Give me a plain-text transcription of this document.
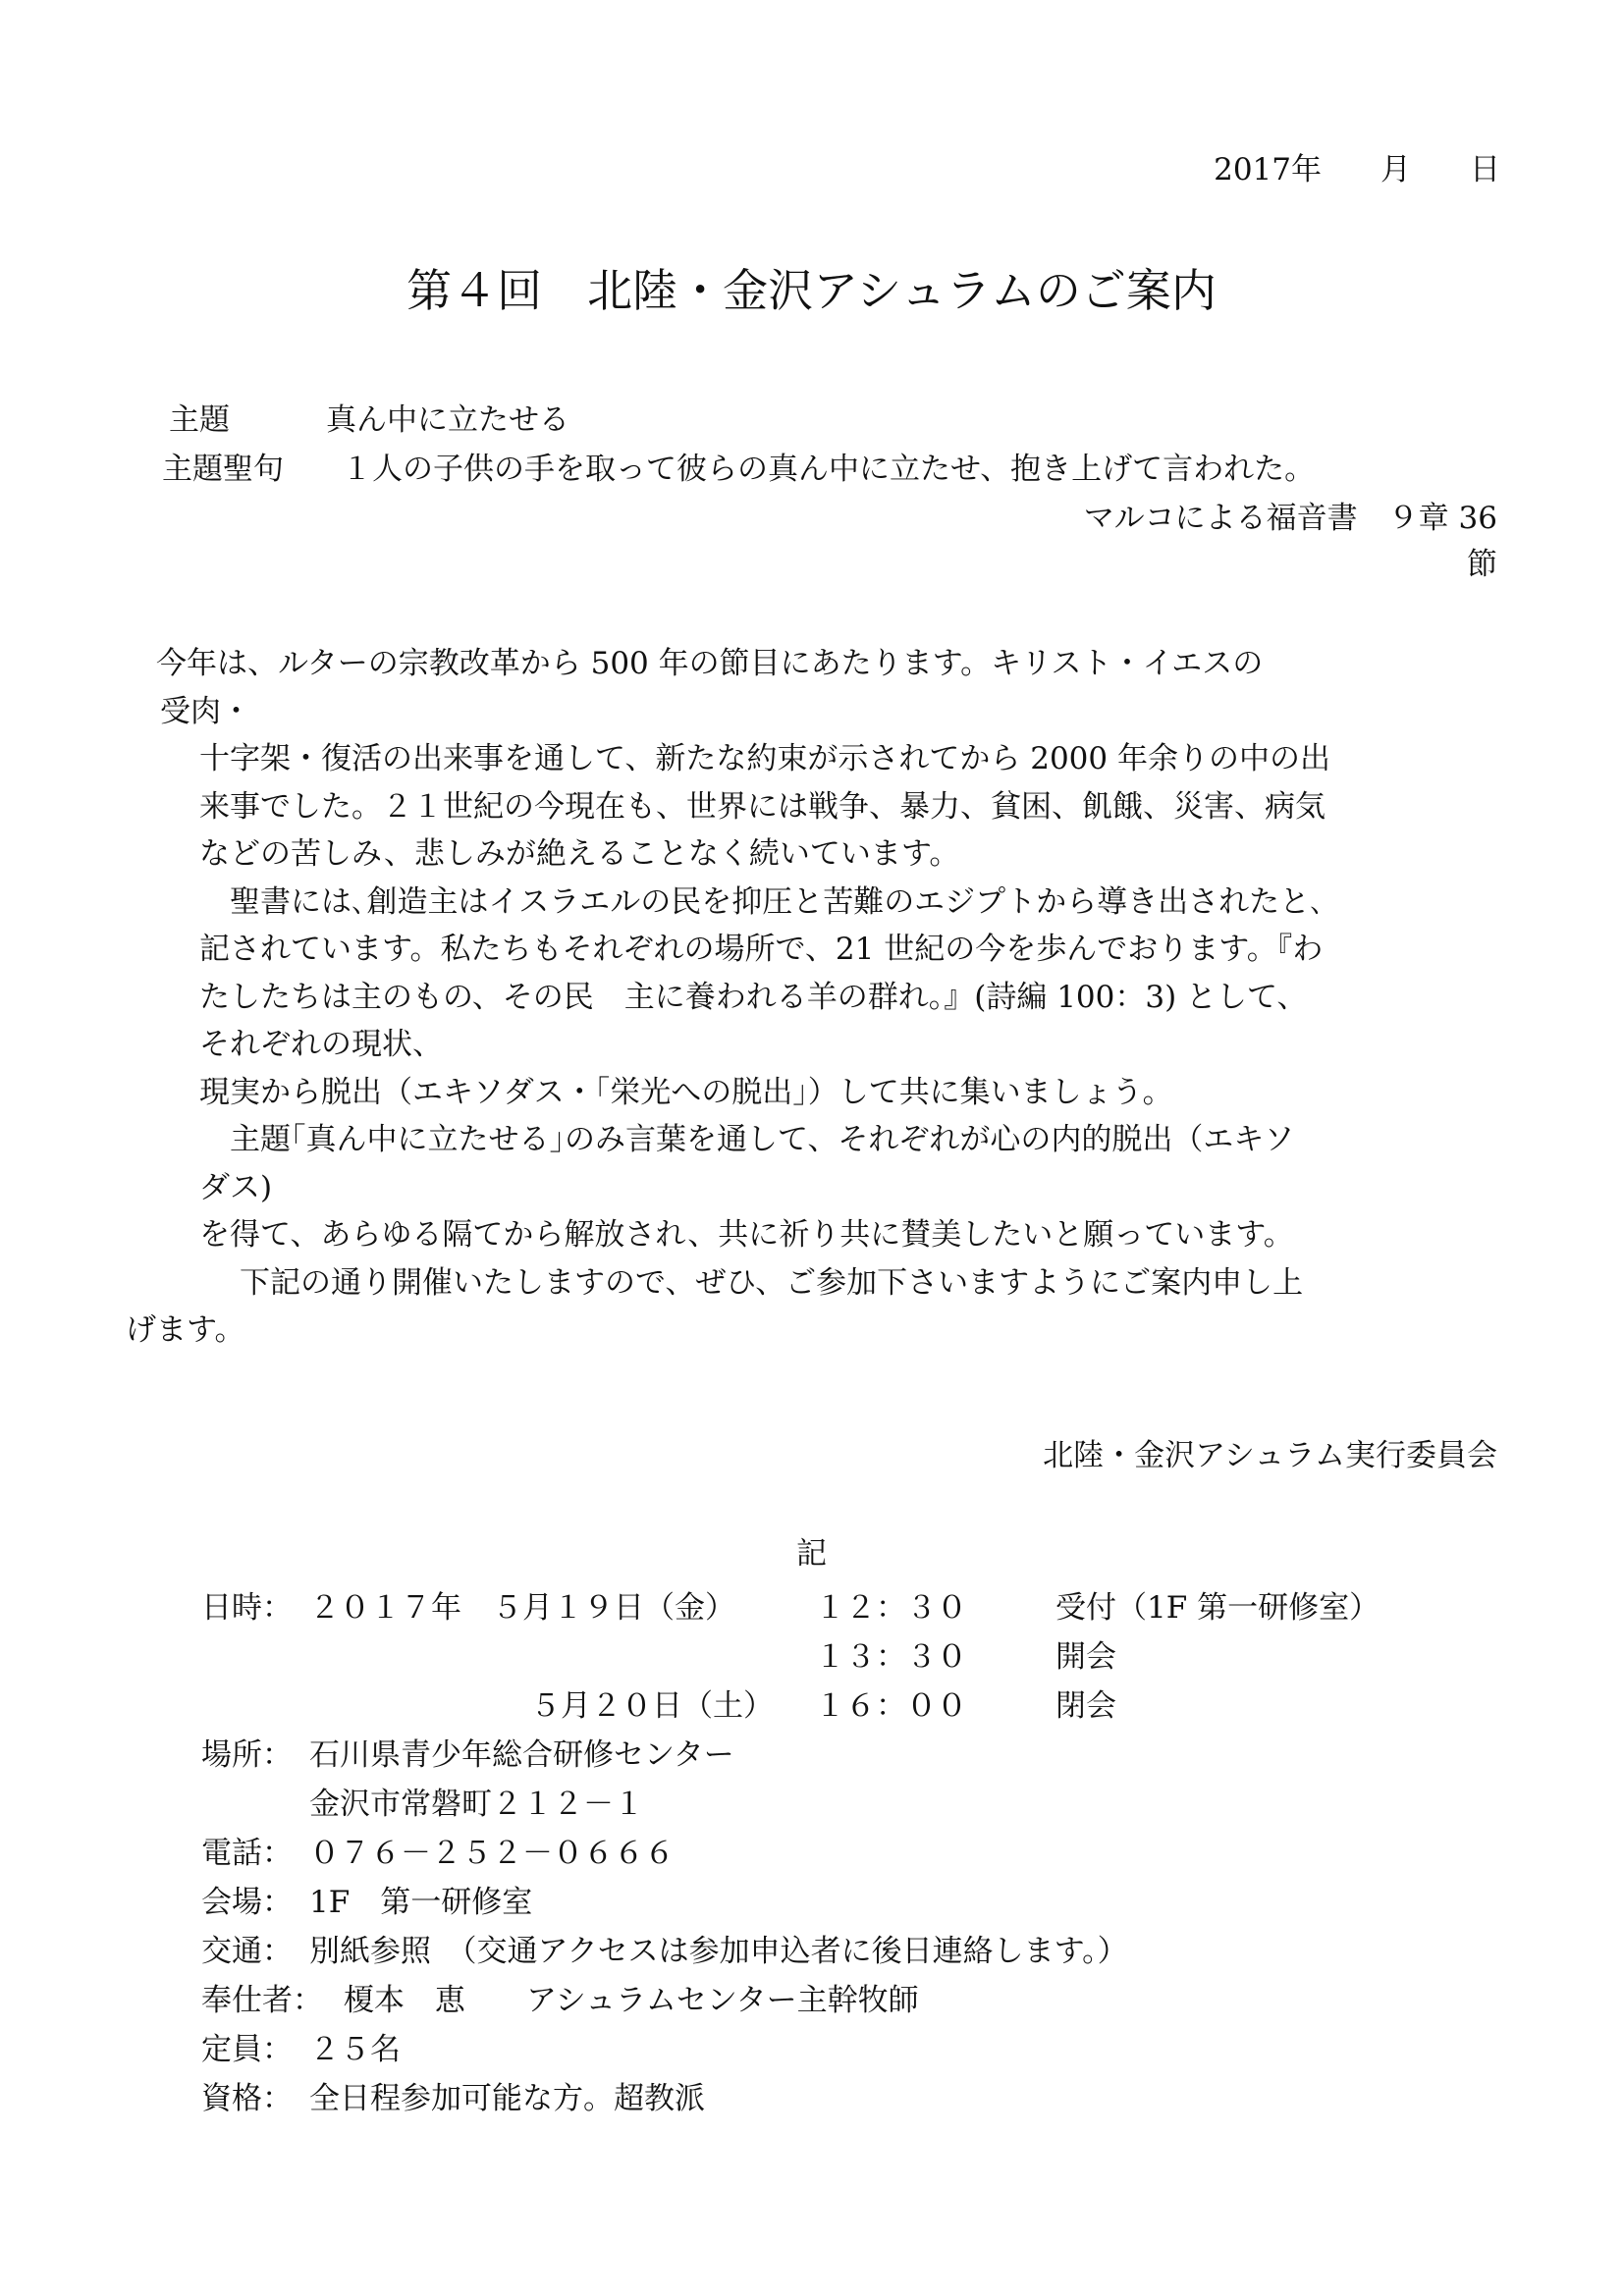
2017年 月 日
第４回　北陸・金沢アシュラムのご案内
主題	真ん中に立たせる
主題聖句 １人の子供の手を取って彼らの真ん中に立たせ、抱き上げて言われた。
マルコによる福音書　９章 36
節
　今年は、ルターの宗教改革から 500 年の節目にあたります。キリスト・イエスの
受肉・
十字架・復活の出来事を通して、新たな約束が示されてから 2000 年余りの中の出
来事でした。２１世紀の今現在も、世界には戦争、暴力、貧困、飢餓、災害、病気
などの苦しみ、悲しみが絶えることなく続いています。
　聖書には､創造主はイスラエルの民を抑圧と苦難のエジプトから導き出されたと､
記されています。私たちもそれぞれの場所で、21 世紀の今を歩んでおります。『わ
たしたちは主のもの、その民　主に養われる羊の群れ｡』(詩編 100：3) として、
それぞれの現状、
現実から脱出（エキソダス・｢栄光への脱出｣）して共に集いましょう。
　主題｢真ん中に立たせる｣のみ言葉を通して、それぞれが心の内的脱出（エキソ
ダス)
を得て、あらゆる隔てから解放され、共に祈り共に賛美したいと願っています。
　下記の通り開催いたしますので、ぜひ、ご参加下さいますようにご案内申し上
げます。
北陸・金沢アシュラム実行委員会
記
日時： ２０１７年　５月１９日（金）	１２：３０	受付（1F 第一研修室）
１３：３０	開会
５月２０日（土） １６：００	閉会
場所： 石川県青少年総合研修センター
金沢市常磐町２１２－１
電話： ０７６－２５２－０６６６
会場： 1F　第一研修室
交通： 別紙参照　（交通アクセスは参加申込者に後日連絡します。）
奉仕者： 榎本　恵　　アシュラムセンター主幹牧師
定員： ２５名
資格： 全日程参加可能な方。超教派
